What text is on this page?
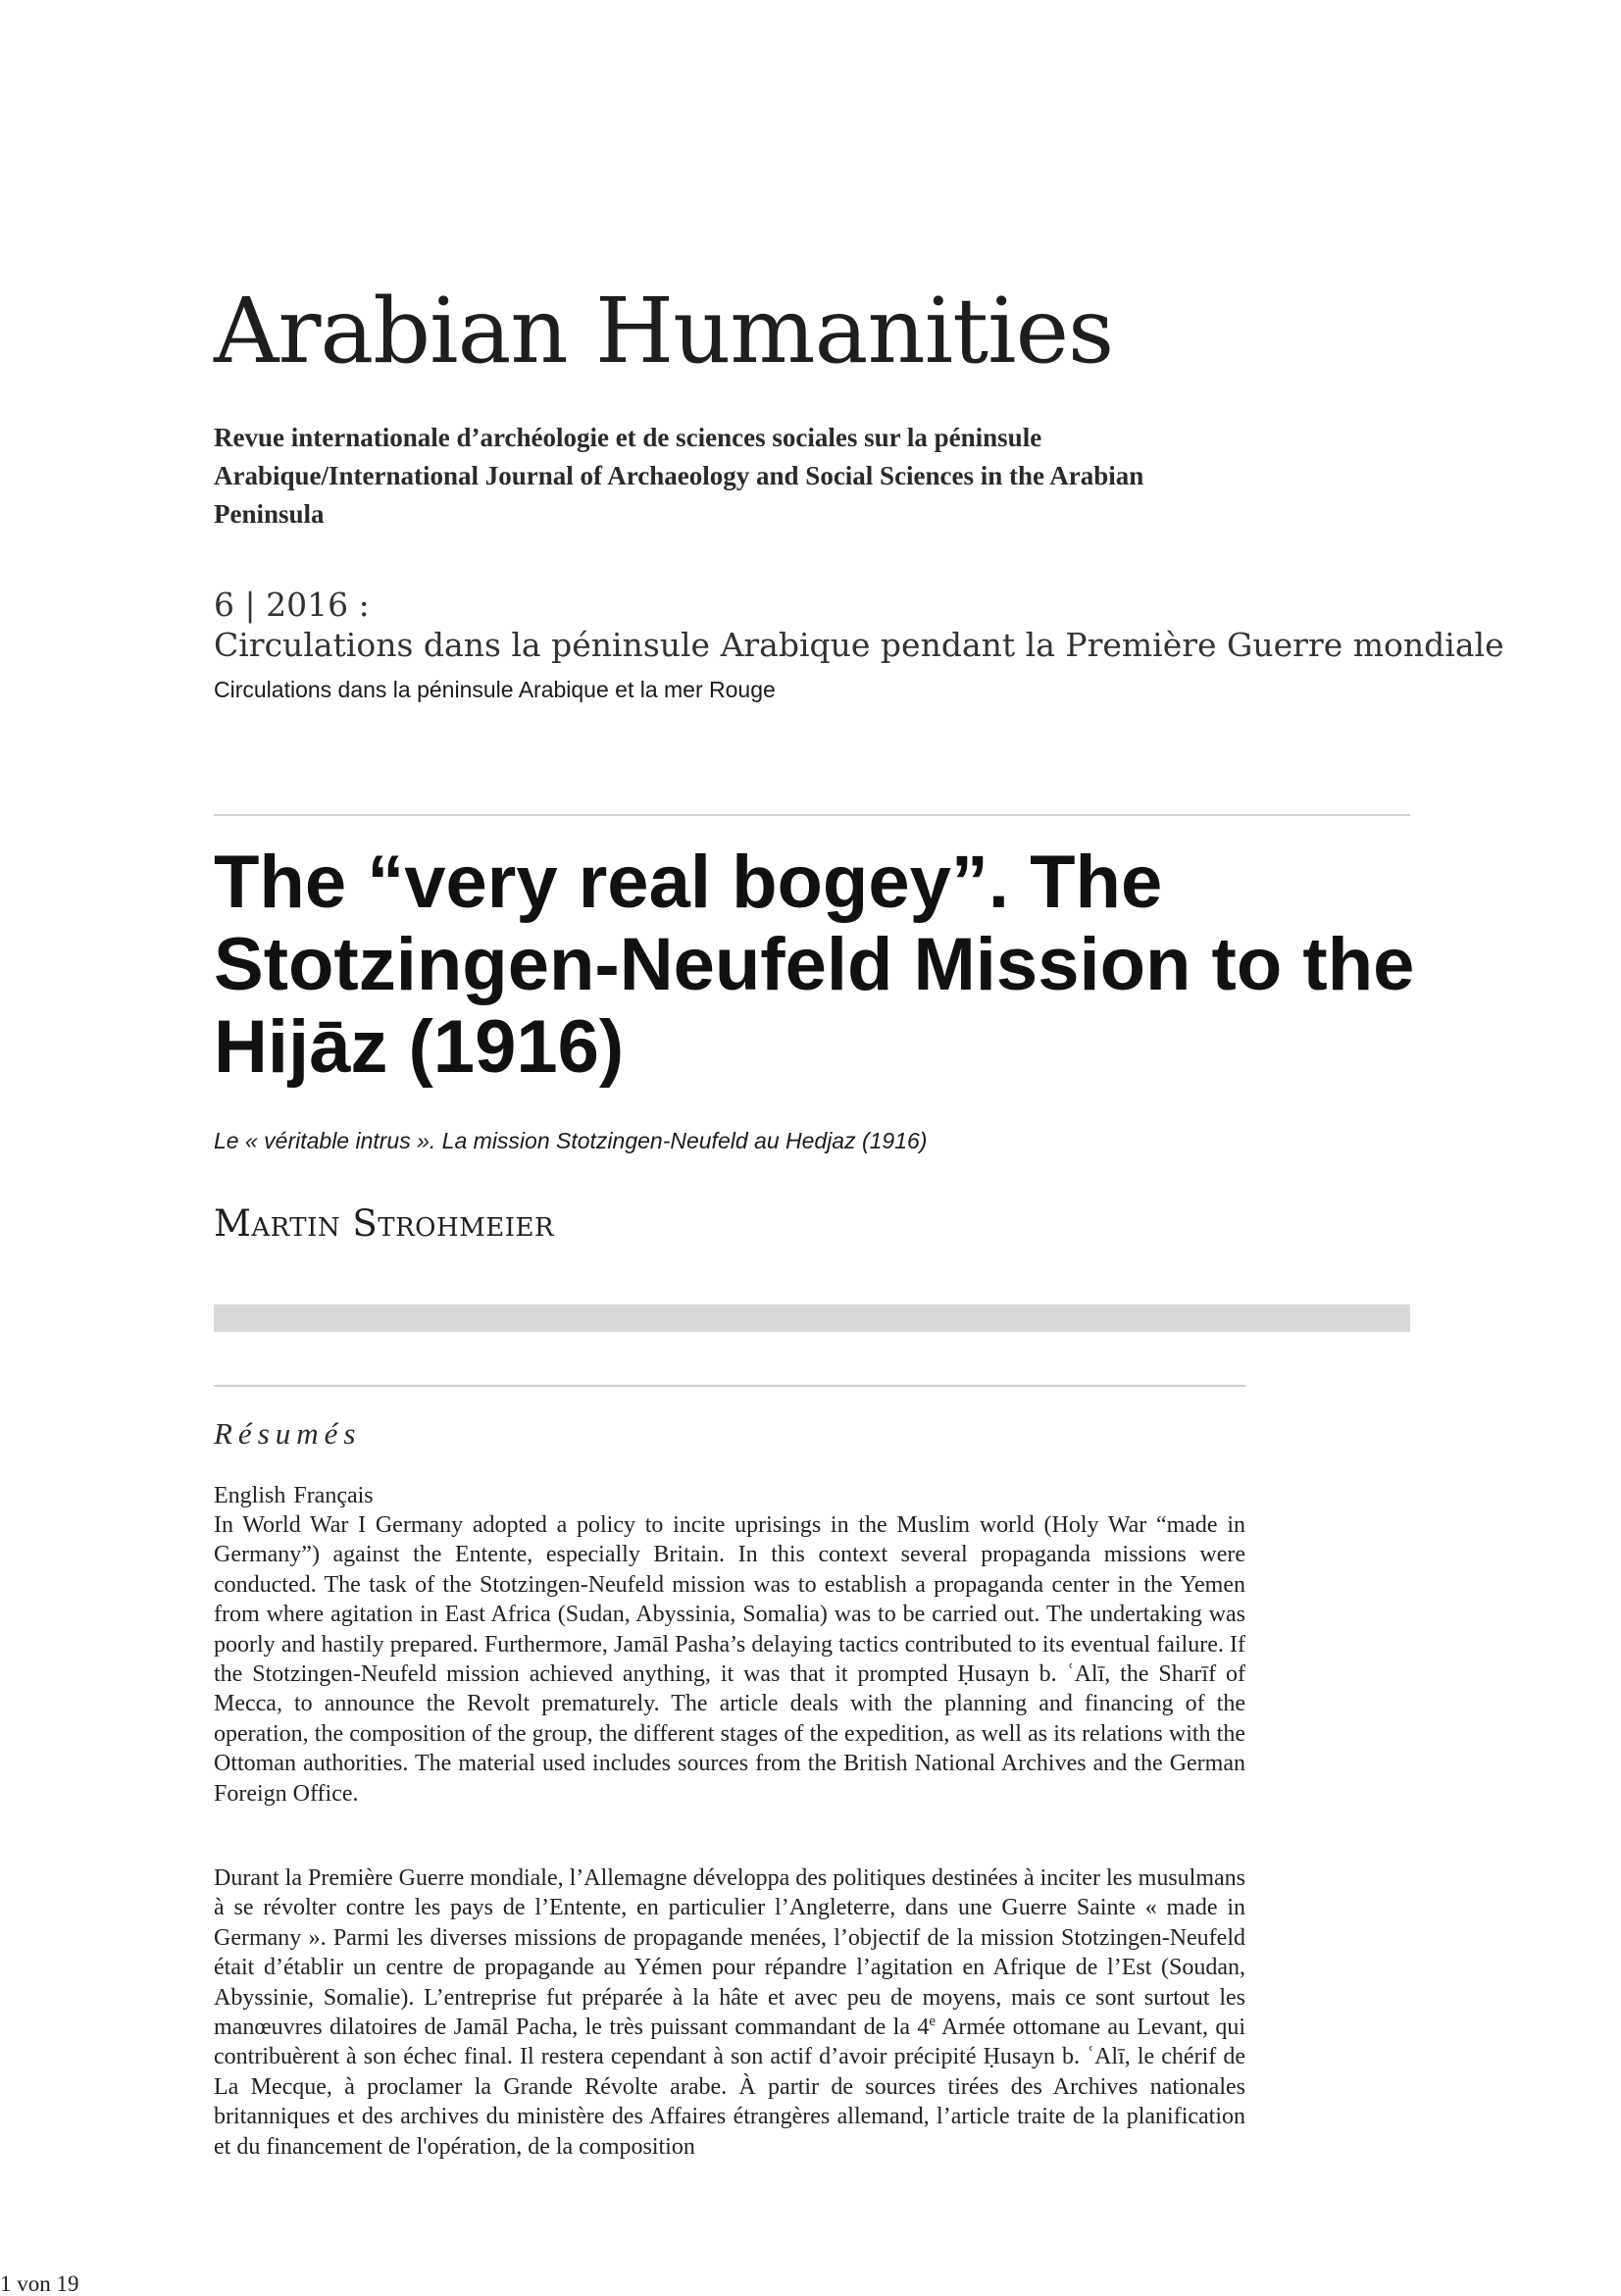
Arabian Humanities
Revue internationale d’archéologie et de sciences sociales sur la péninsule Arabique/International Journal of Archaeology and Social Sciences in the Arabian Peninsula
6 | 2016 :
Circulations dans la péninsule Arabique pendant la Première Guerre mondiale
Circulations dans la péninsule Arabique et la mer Rouge
The “very real bogey”. The Stotzingen-Neufeld Mission to the Hijāz (1916)
Le « véritable intrus ». La mission Stotzingen-Neufeld au Hedjaz (1916)
Martin Strohmeier
Résumés
English Français
In World War I Germany adopted a policy to incite uprisings in the Muslim world (Holy War “made in Germany”) against the Entente, especially Britain. In this context several propaganda missions were conducted. The task of the Stotzingen-Neufeld mission was to establish a propaganda center in the Yemen from where agitation in East Africa (Sudan, Abyssinia, Somalia) was to be carried out. The undertaking was poorly and hastily prepared. Furthermore, Jamāl Pasha’s delaying tactics contributed to its eventual failure. If the Stotzingen-Neufeld mission achieved anything, it was that it prompted Ḥusayn b. ʿAlī, the Sharīf of Mecca, to announce the Revolt prematurely. The article deals with the planning and financing of the operation, the composition of the group, the different stages of the expedition, as well as its relations with the Ottoman authorities. The material used includes sources from the British National Archives and the German Foreign Office.
Durant la Première Guerre mondiale, l’Allemagne développa des politiques destinées à inciter les musulmans à se révolter contre les pays de l’Entente, en particulier l’Angleterre, dans une Guerre Sainte « made in Germany ». Parmi les diverses missions de propagande menées, l’objectif de la mission Stotzingen-Neufeld était d’établir un centre de propagande au Yémen pour répandre l’agitation en Afrique de l’Est (Soudan, Abyssinie, Somalie). L’entreprise fut préparée à la hâte et avec peu de moyens, mais ce sont surtout les manœuvres dilatoires de Jamāl Pacha, le très puissant commandant de la 4e Armée ottomane au Levant, qui contribuèrent à son échec final. Il restera cependant à son actif d’avoir précipité Ḥusayn b. ʿAlī, le chérif de La Mecque, à proclamer la Grande Révolte arabe. À partir de sources tirées des Archives nationales britanniques et des archives du ministère des Affaires étrangères allemand, l’article traite de la planification et du financement de l'opération, de la composition
1 von 19
